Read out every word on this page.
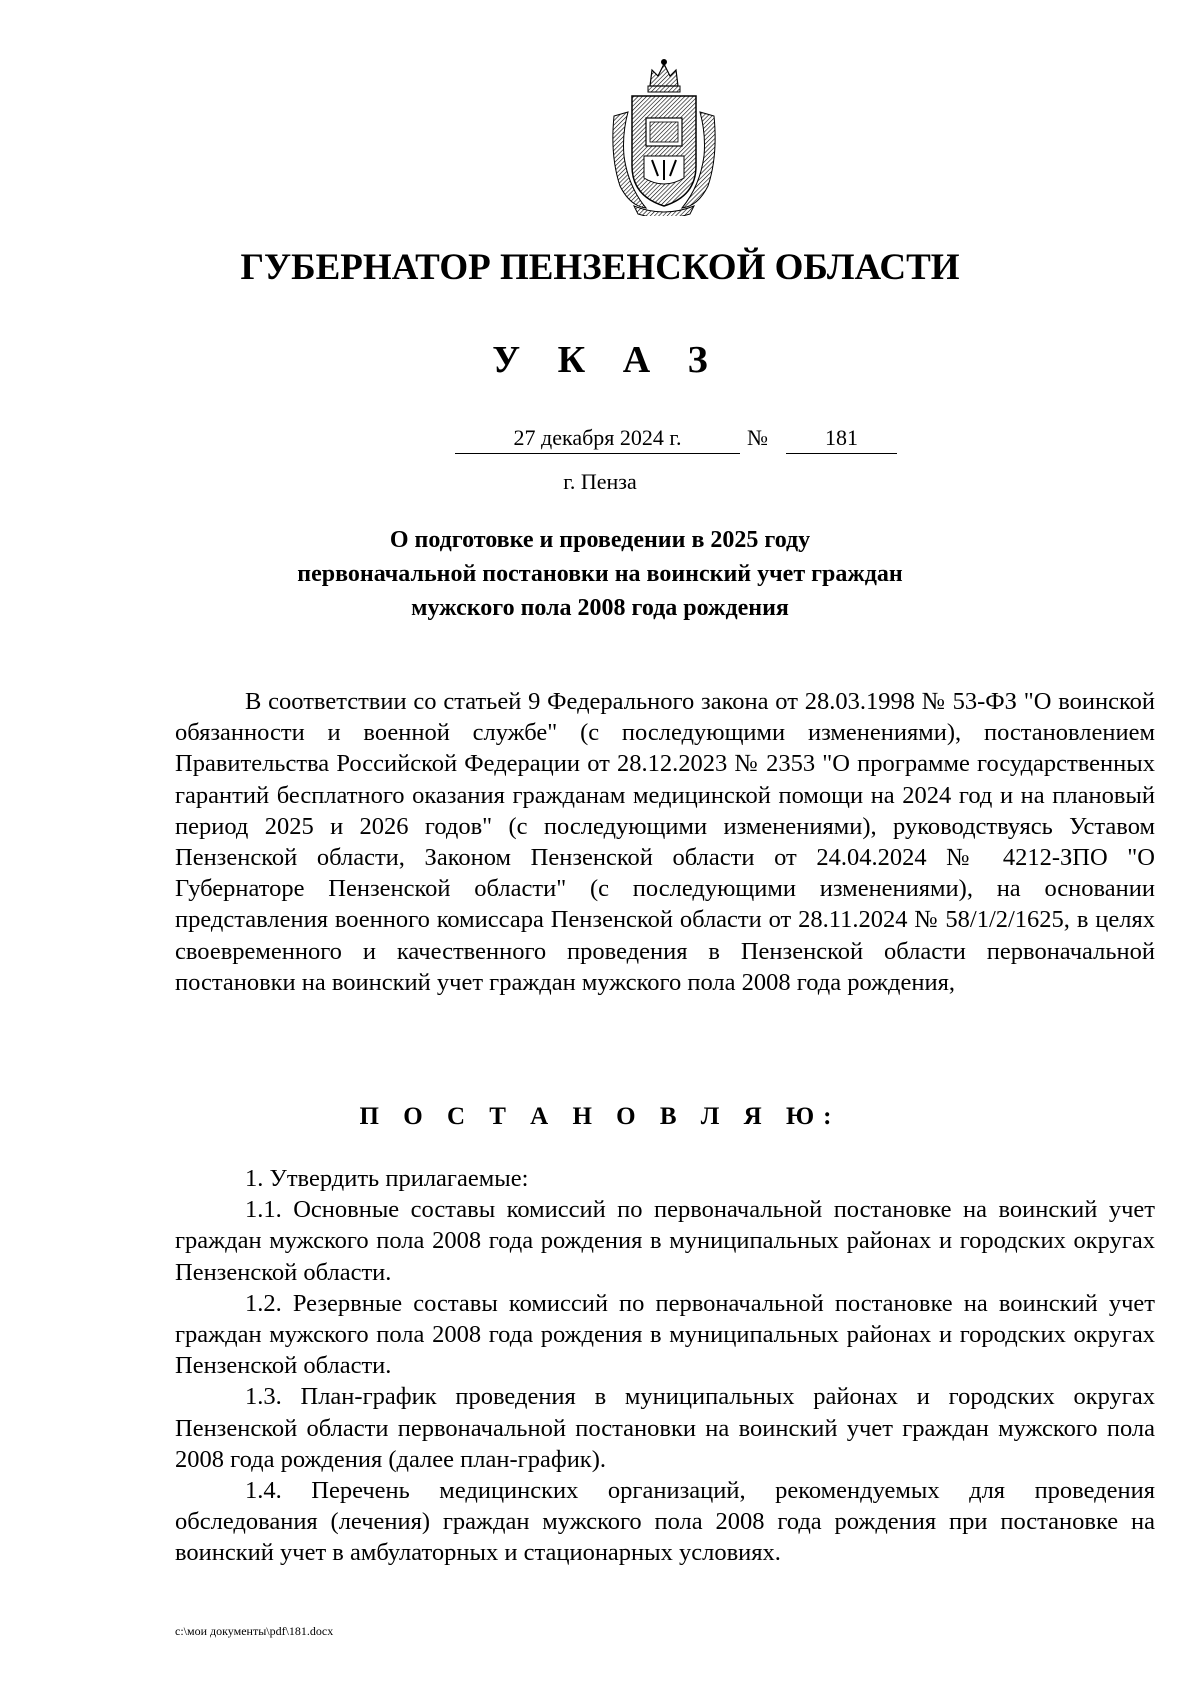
ГУБЕРНАТОР ПЕНЗЕНСКОЙ ОБЛАСТИ
У К А З
27 декабря 2024 г.	№	181
г. Пенза
О подготовке и проведении в 2025 году
первоначальной постановки на воинский учет граждан
мужского пола 2008 года рождения
В соответствии со статьей 9 Федерального закона от 28.03.1998 № 53-ФЗ "О воинской обязанности и военной службе" (с последующими изменениями), постановлением Правительства Российской Федерации от 28.12.2023 № 2353 "О программе государственных гарантий бесплатного оказания гражданам медицинской помощи на 2024 год и на плановый период 2025 и 2026 годов" (с последующими изменениями), руководствуясь Уставом Пензенской области, Законом Пензенской области от 24.04.2024 № 4212-ЗПО "О Губернаторе Пензенской области" (с последующими изменениями), на основании представления военного комиссара Пензенской области от 28.11.2024 № 58/1/2/1625, в целях своевременного и качественного проведения в Пензенской области первоначальной постановки на воинский учет граждан мужского пола 2008 года рождения,
П О С Т А Н О В Л Я Ю:

1. Утвердить прилагаемые:

1.1. Основные составы комиссий по первоначальной постановке на воинский учет граждан мужского пола 2008 года рождения в муниципальных районах и городских округах Пензенской области.

1.2. Резервные составы комиссий по первоначальной постановке на воинский учет граждан мужского пола 2008 года рождения в муниципальных районах и городских округах Пензенской области.

1.3. План-график проведения в муниципальных районах и городских округах Пензенской области первоначальной постановки на воинский учет граждан мужского пола 2008 года рождения (далее план-график).

1.4. Перечень медицинских организаций, рекомендуемых для проведения обследования (лечения) граждан мужского пола 2008 года рождения при постановке на воинский учет в амбулаторных и стационарных условиях.

c:\мои документы\pdf\181.docx
